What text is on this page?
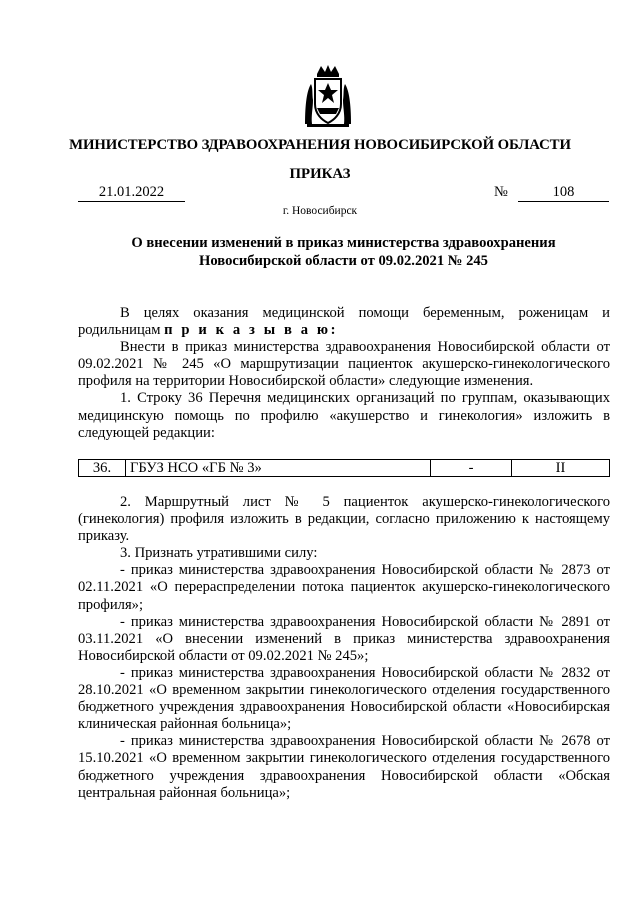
МИНИСТЕРСТВО ЗДРАВООХРАНЕНИЯ НОВОСИБИРСКОЙ ОБЛАСТИ
ПРИКАЗ
21.01.2022	№	108
г. Новосибирск
О внесении изменений в приказ министерства здравоохранения
Новосибирской области от 09.02.2021 № 245

В целях оказания медицинской помощи беременным, роженицам и родильницам п р и к а з ы в а ю:

Внести в приказ министерства здравоохранения Новосибирской области от 09.02.2021 № 245 «О маршрутизации пациенток акушерско-гинекологического профиля на территории Новосибирской области» следующие изменения.

1. Строку 36 Перечня медицинских организаций по группам, оказывающих медицинскую помощь по профилю «акушерство и гинекология» изложить в следующей редакции:

36.	ГБУЗ НСО «ГБ № 3»	-	II

2. Маршрутный лист № 5 пациенток акушерско-гинекологического (гинекология) профиля изложить в редакции, согласно приложению к настоящему приказу.

3. Признать утратившими силу:

- приказ министерства здравоохранения Новосибирской области № 2873 от 02.11.2021 «О перераспределении потока пациенток акушерско-гинекологического профиля»;

- приказ министерства здравоохранения Новосибирской области № 2891 от 03.11.2021 «О внесении изменений в приказ министерства здравоохранения Новосибирской области от 09.02.2021 № 245»;

- приказ министерства здравоохранения Новосибирской области № 2832 от 28.10.2021 «О временном закрытии гинекологического отделения государственного бюджетного учреждения здравоохранения Новосибирской области «Новосибирская клиническая районная больница»;

- приказ министерства здравоохранения Новосибирской области № 2678 от 15.10.2021 «О временном закрытии гинекологического отделения государственного бюджетного учреждения здравоохранения Новосибирской области «Обская центральная районная больница»;
